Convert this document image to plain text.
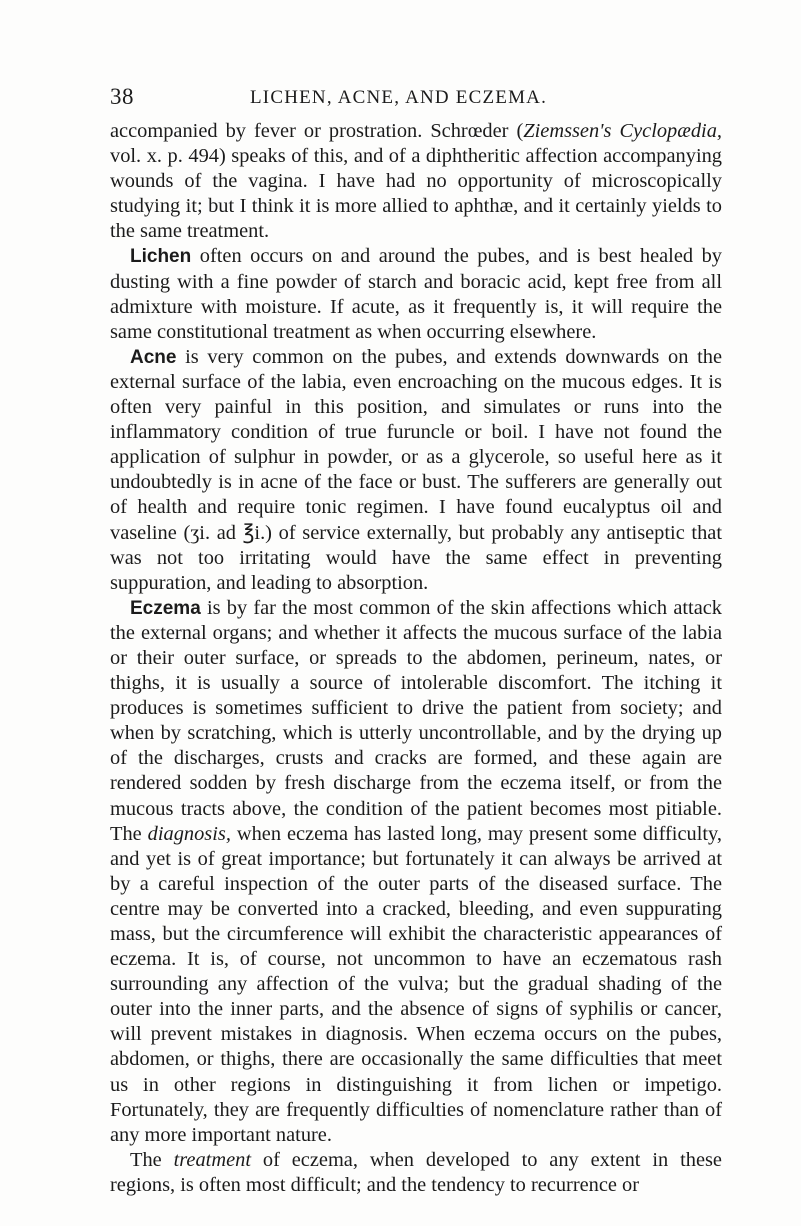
38	LICHEN, ACNE, AND ECZEMA.

accompanied by fever or prostration. Schrœder (Ziemssen's Cyclopædia, vol. x. p. 494) speaks of this, and of a diphtheritic affection accompanying wounds of the vagina. I have had no opportunity of microscopically studying it; but I think it is more allied to aphthæ, and it certainly yields to the same treatment.

Lichen often occurs on and around the pubes, and is best healed by dusting with a fine powder of starch and boracic acid, kept free from all admixture with moisture. If acute, as it frequently is, it will require the same constitutional treatment as when occurring elsewhere.

Acne is very common on the pubes, and extends downwards on the external surface of the labia, even encroaching on the mucous edges. It is often very painful in this position, and simulates or runs into the inflammatory condition of true furuncle or boil. I have not found the application of sulphur in powder, or as a glycerole, so useful here as it undoubtedly is in acne of the face or bust. The sufferers are generally out of health and require tonic regimen. I have found eucalyptus oil and vaseline (ʒi. ad ℥i.) of service externally, but probably any antiseptic that was not too irritating would have the same effect in preventing suppuration, and leading to absorption.

Eczema is by far the most common of the skin affections which attack the external organs; and whether it affects the mucous surface of the labia or their outer surface, or spreads to the abdomen, perineum, nates, or thighs, it is usually a source of intolerable discomfort. The itching it produces is sometimes sufficient to drive the patient from society; and when by scratching, which is utterly uncontrollable, and by the drying up of the discharges, crusts and cracks are formed, and these again are rendered sodden by fresh discharge from the eczema itself, or from the mucous tracts above, the condition of the patient becomes most pitiable. The diagnosis, when eczema has lasted long, may present some difficulty, and yet is of great importance; but fortunately it can always be arrived at by a careful inspection of the outer parts of the diseased surface. The centre may be converted into a cracked, bleeding, and even suppurating mass, but the circumference will exhibit the characteristic appearances of eczema. It is, of course, not uncommon to have an eczematous rash surrounding any affection of the vulva; but the gradual shading of the outer into the inner parts, and the absence of signs of syphilis or cancer, will prevent mistakes in diagnosis. When eczema occurs on the pubes, abdomen, or thighs, there are occasionally the same difficulties that meet us in other regions in distinguishing it from lichen or impetigo. Fortunately, they are frequently difficulties of nomenclature rather than of any more important nature.

The treatment of eczema, when developed to any extent in these regions, is often most difficult; and the tendency to recurrence or
